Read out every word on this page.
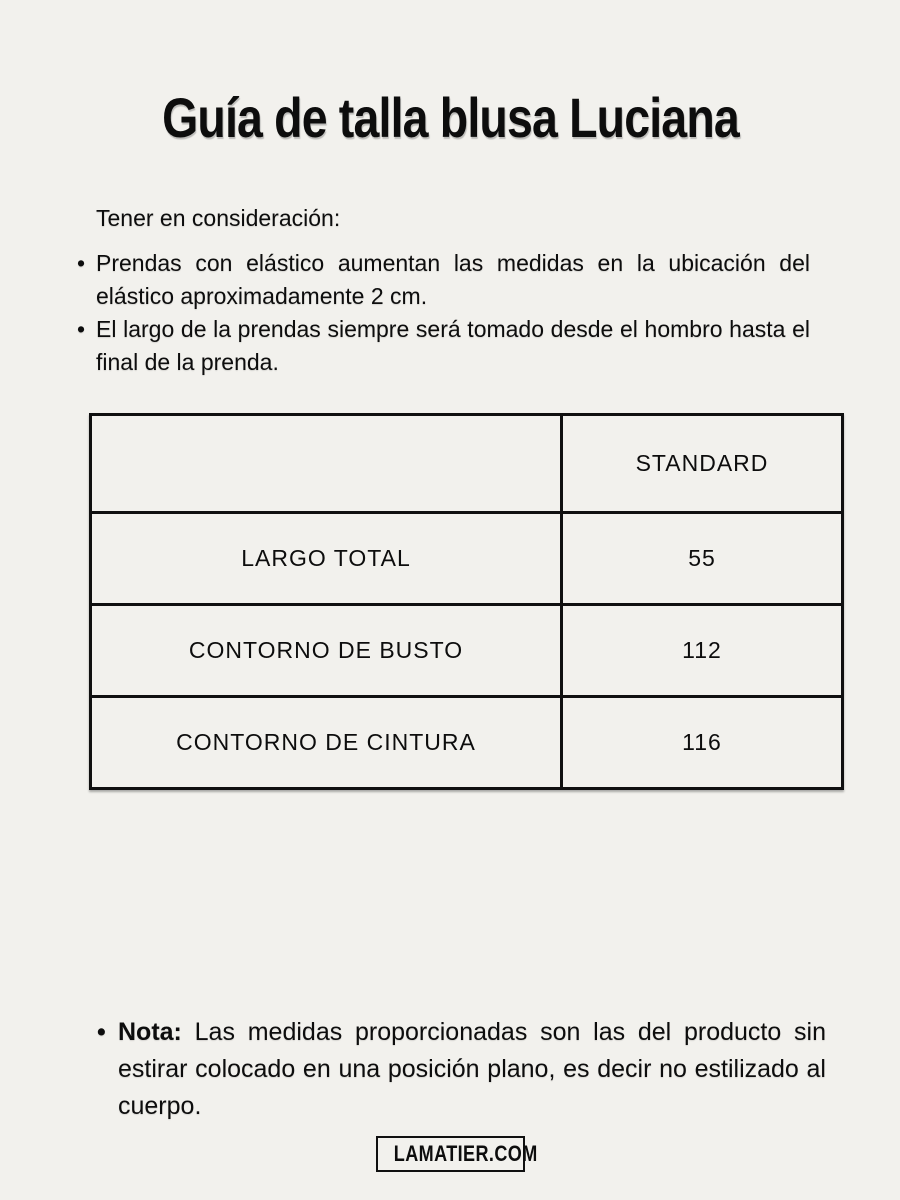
Guía de talla blusa Luciana

Tener en consideración:

• Prendas con elástico aumentan las medidas en la ubicación del elástico aproximadamente 2 cm.
• El largo de la prendas siempre será tomado desde el hombro hasta el final de la prenda.
	STANDARD
LARGO TOTAL	55
CONTORNO DE BUSTO	112
CONTORNO DE CINTURA	116
• Nota: Las medidas proporcionadas son las del producto sin estirar colocado en una posición plano, es decir no estilizado al cuerpo.
LAMATIER.COM
